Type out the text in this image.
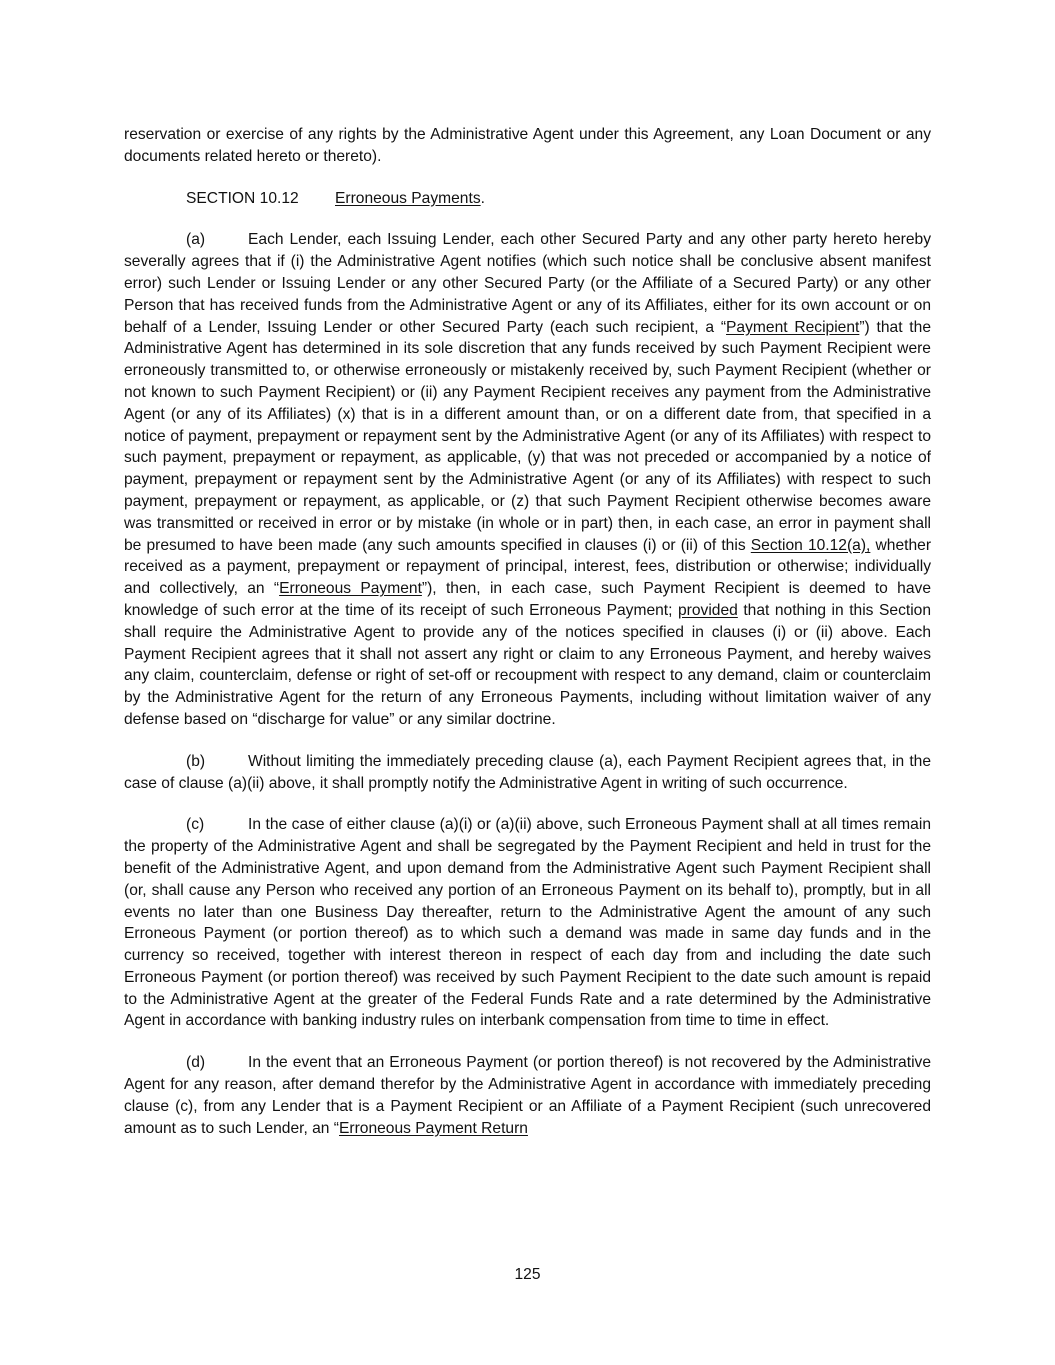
reservation or exercise of any rights by the Administrative Agent under this Agreement, any Loan Document or any documents related hereto or thereto).

SECTION 10.12 Erroneous Payments.

(a)	Each Lender, each Issuing Lender, each other Secured Party and any other party hereto hereby severally agrees that if (i) the Administrative Agent notifies (which such notice shall be conclusive absent manifest error) such Lender or Issuing Lender or any other Secured Party (or the Affiliate of a Secured Party) or any other Person that has received funds from the Administrative Agent or any of its Affiliates, either for its own account or on behalf of a Lender, Issuing Lender or other Secured Party (each such recipient, a “Payment Recipient”) that the Administrative Agent has determined in its sole discretion that any funds received by such Payment Recipient were erroneously transmitted to, or otherwise erroneously or mistakenly received by, such Payment Recipient (whether or not known to such Payment Recipient) or (ii) any Payment Recipient receives any payment from the Administrative Agent (or any of its Affiliates) (x) that is in a different amount than, or on a different date from, that specified in a notice of payment, prepayment or repayment sent by the Administrative Agent (or any of its Affiliates) with respect to such payment, prepayment or repayment, as applicable, (y) that was not preceded or accompanied by a notice of payment, prepayment or repayment sent by the Administrative Agent (or any of its Affiliates) with respect to such payment, prepayment or repayment, as applicable, or (z) that such Payment Recipient otherwise becomes aware was transmitted or received in error or by mistake (in whole or in part) then, in each case, an error in payment shall be presumed to have been made (any such amounts specified in clauses (i) or (ii) of this Section 10.12(a), whether received as a payment, prepayment or repayment of principal, interest, fees, distribution or otherwise; individually and collectively, an “Erroneous Payment”), then, in each case, such Payment Recipient is deemed to have knowledge of such error at the time of its receipt of such Erroneous Payment; provided that nothing in this Section shall require the Administrative Agent to provide any of the notices specified in clauses (i) or (ii) above. Each Payment Recipient agrees that it shall not assert any right or claim to any Erroneous Payment, and hereby waives any claim, counterclaim, defense or right of set-off or recoupment with respect to any demand, claim or counterclaim by the Administrative Agent for the return of any Erroneous Payments, including without limitation waiver of any defense based on “discharge for value” or any similar doctrine.

(b)	Without limiting the immediately preceding clause (a), each Payment Recipient agrees that, in the case of clause (a)(ii) above, it shall promptly notify the Administrative Agent in writing of such occurrence.

(c)	In the case of either clause (a)(i) or (a)(ii) above, such Erroneous Payment shall at all times remain the property of the Administrative Agent and shall be segregated by the Payment Recipient and held in trust for the benefit of the Administrative Agent, and upon demand from the Administrative Agent such Payment Recipient shall (or, shall cause any Person who received any portion of an Erroneous Payment on its behalf to), promptly, but in all events no later than one Business Day thereafter, return to the Administrative Agent the amount of any such Erroneous Payment (or portion thereof) as to which such a demand was made in same day funds and in the currency so received, together with interest thereon in respect of each day from and including the date such Erroneous Payment (or portion thereof) was received by such Payment Recipient to the date such amount is repaid to the Administrative Agent at the greater of the Federal Funds Rate and a rate determined by the Administrative Agent in accordance with banking industry rules on interbank compensation from time to time in effect.

(d)	In the event that an Erroneous Payment (or portion thereof) is not recovered by the Administrative Agent for any reason, after demand therefor by the Administrative Agent in accordance with immediately preceding clause (c), from any Lender that is a Payment Recipient or an Affiliate of a Payment Recipient (such unrecovered amount as to such Lender, an “Erroneous Payment Return

125
